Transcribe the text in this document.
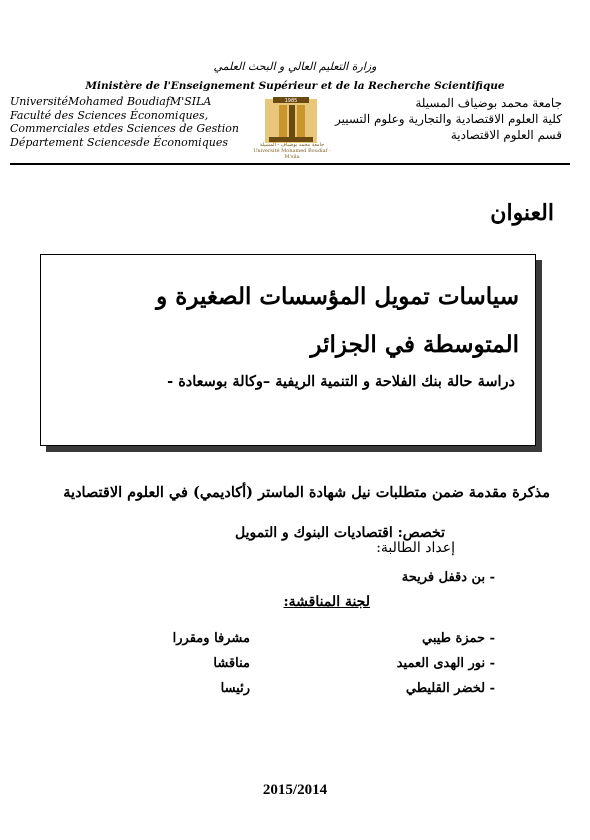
وزارة التعليم العالي و البحث العلمي
Ministère de l'Enseignement Supérieur et de la Recherche Scientifique
UniversitéMohamed BoudiafM'SILA
Faculté des Sciences Économiques,
Commerciales etdes Sciences de Gestion
Département Sciencesde Économiques
جامعة محمد بوضياف المسيلة
كلية العلوم الاقتصادية والتجارية وعلوم التسيير
قسم العلوم الاقتصادية
1985
جامعة محمد بوضياف - المسيلة
Université Mohamed Boudiaf - M'sila
العنوان
سياسات تمويل المؤسسات الصغيرة و المتوسطة في الجزائر
دراسة حالة بنك الفلاحة و التنمية الريفية –وكالة بوسعادة -
مذكرة مقدمة ضمن متطلبات نيل شهادة الماستر (أكاديمي) في العلوم الاقتصادية
تخصص: اقتصاديات البنوك و التمويل
إعداد الطالبة:
- بن دقفل فريحة
لجنة المناقشة:
- حمزة طيبي
مشرفا ومقررا
- نور الهدى العميد
مناقشا
- لخضر القليطي
رئيسا
2015/2014
